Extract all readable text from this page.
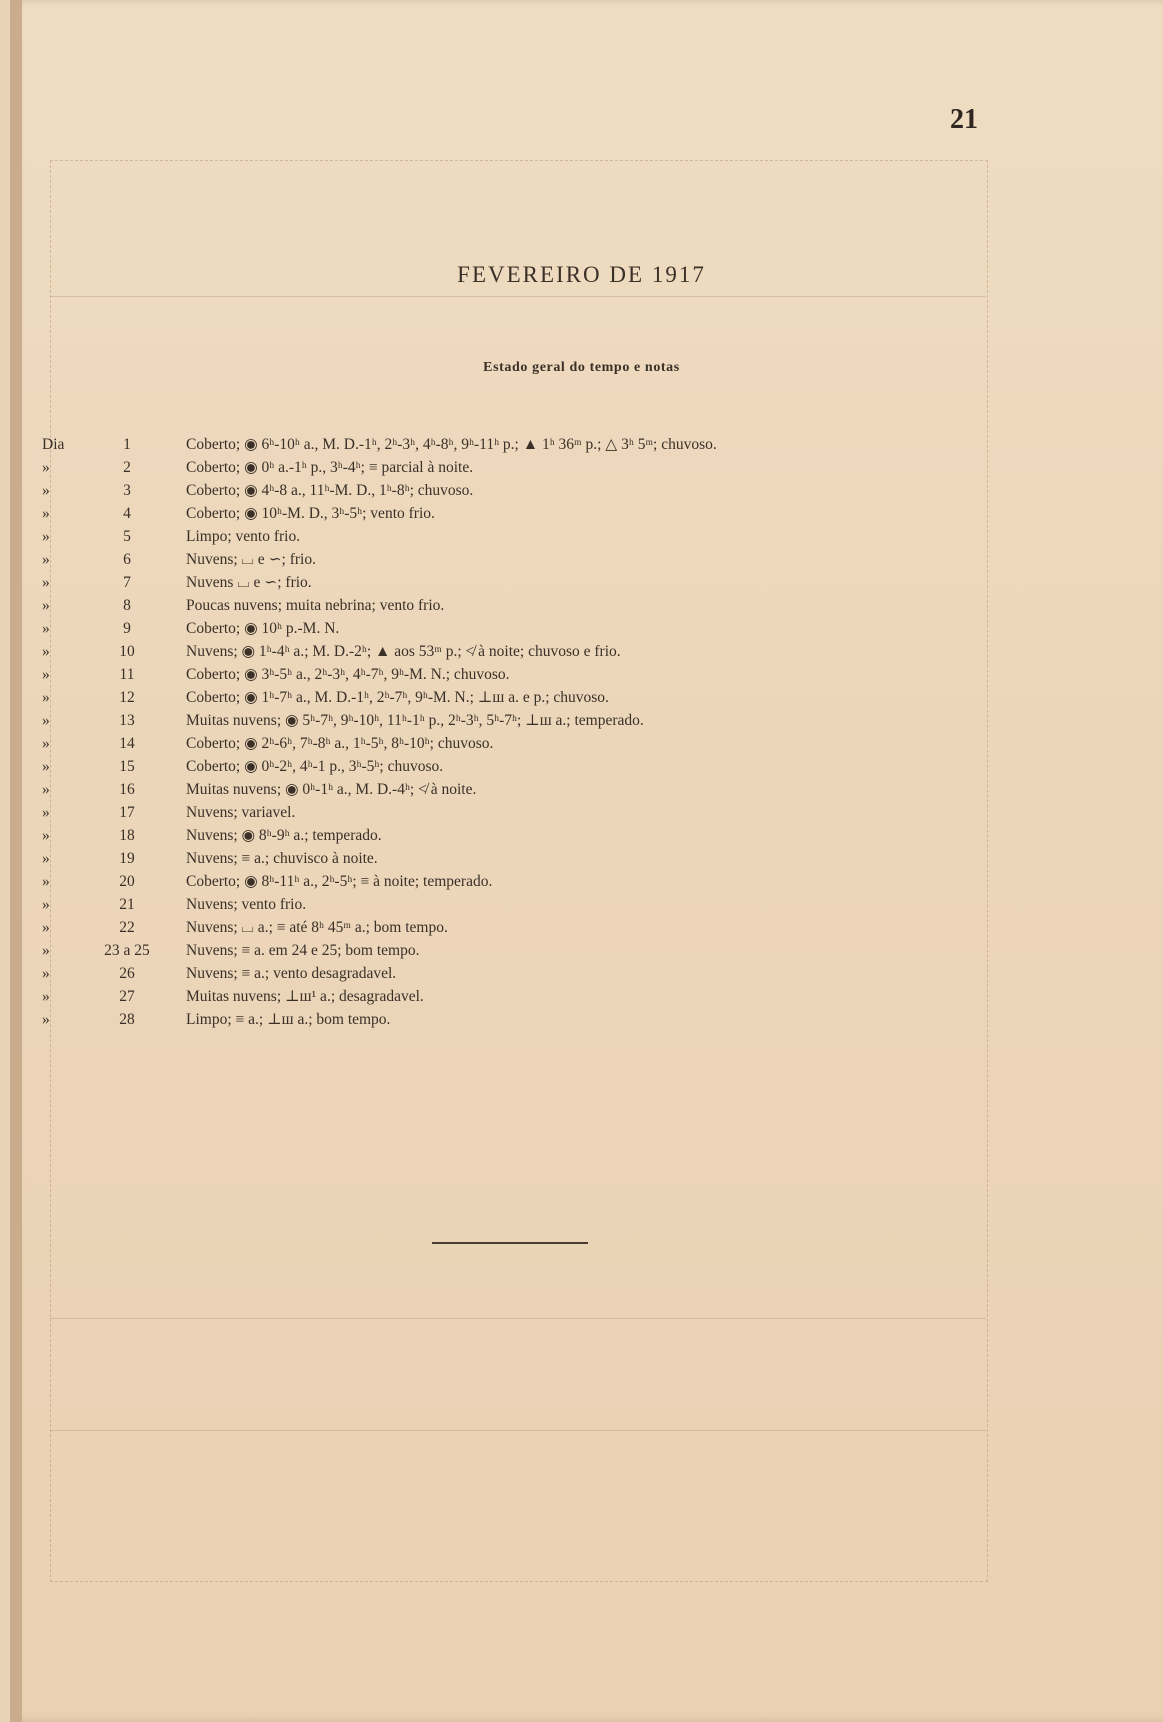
21
FEVEREIRO DE 1917
Estado geral do tempo e notas
Dia	1	Coberto; ◉ 6ʰ-10ʰ a., M. D.-1ʰ, 2ʰ-3ʰ, 4ʰ-8ʰ, 9ʰ-11ʰ p.; ▲ 1ʰ 36ᵐ p.; △ 3ʰ 5ᵐ; chuvoso.
»	2	Coberto; ◉ 0ʰ a.-1ʰ p., 3ʰ-4ʰ; ≡ parcial à noite.
»	3	Coberto; ◉ 4ʰ-8 a., 11ʰ-M. D., 1ʰ-8ʰ; chuvoso.
»	4	Coberto; ◉ 10ʰ-M. D., 3ʰ-5ʰ; vento frio.
»	5	Limpo; vento frio.
»	6	Nuvens; ⌴ e ∽; frio.
»	7	Nuvens ⌴ e ∽; frio.
»	8	Poucas nuvens; muita nebrina; vento frio.
»	9	Coberto; ◉ 10ʰ p.-M. N.
»	10	Nuvens; ◉ 1ʰ-4ʰ a.; M. D.-2ʰ; ▲ aos 53ᵐ p.; ≮ à noite; chuvoso e frio.
»	11	Coberto; ◉ 3ʰ-5ʰ a., 2ʰ-3ʰ, 4ʰ-7ʰ, 9ʰ-M. N.; chuvoso.
»	12	Coberto; ◉ 1ʰ-7ʰ a., M. D.-1ʰ, 2ʰ-7ʰ, 9ʰ-M. N.; ⊥ш a. e p.; chuvoso.
»	13	Muitas nuvens; ◉ 5ʰ-7ʰ, 9ʰ-10ʰ, 11ʰ-1ʰ p., 2ʰ-3ʰ, 5ʰ-7ʰ; ⊥ш a.; temperado.
»	14	Coberto; ◉ 2ʰ-6ʰ, 7ʰ-8ʰ a., 1ʰ-5ʰ, 8ʰ-10ʰ; chuvoso.
»	15	Coberto; ◉ 0ʰ-2ʰ, 4ʰ-1 p., 3ʰ-5ʰ; chuvoso.
»	16	Muitas nuvens; ◉ 0ʰ-1ʰ a., M. D.-4ʰ; ≮ à noite.
»	17	Nuvens; variavel.
»	18	Nuvens; ◉ 8ʰ-9ʰ a.; temperado.
»	19	Nuvens; ≡ a.; chuvisco à noite.
»	20	Coberto; ◉ 8ʰ-11ʰ a., 2ʰ-5ʰ; ≡ à noite; temperado.
»	21	Nuvens; vento frio.
»	22	Nuvens; ⌴ a.; ≡ até 8ʰ 45ᵐ a.; bom tempo.
»	23 a 25	Nuvens; ≡ a. em 24 e 25; bom tempo.
»	26	Nuvens; ≡ a.; vento desagradavel.
»	27	Muitas nuvens; ⊥ш¹ a.; desagradavel.
»	28	Limpo; ≡ a.; ⊥ш a.; bom tempo.
